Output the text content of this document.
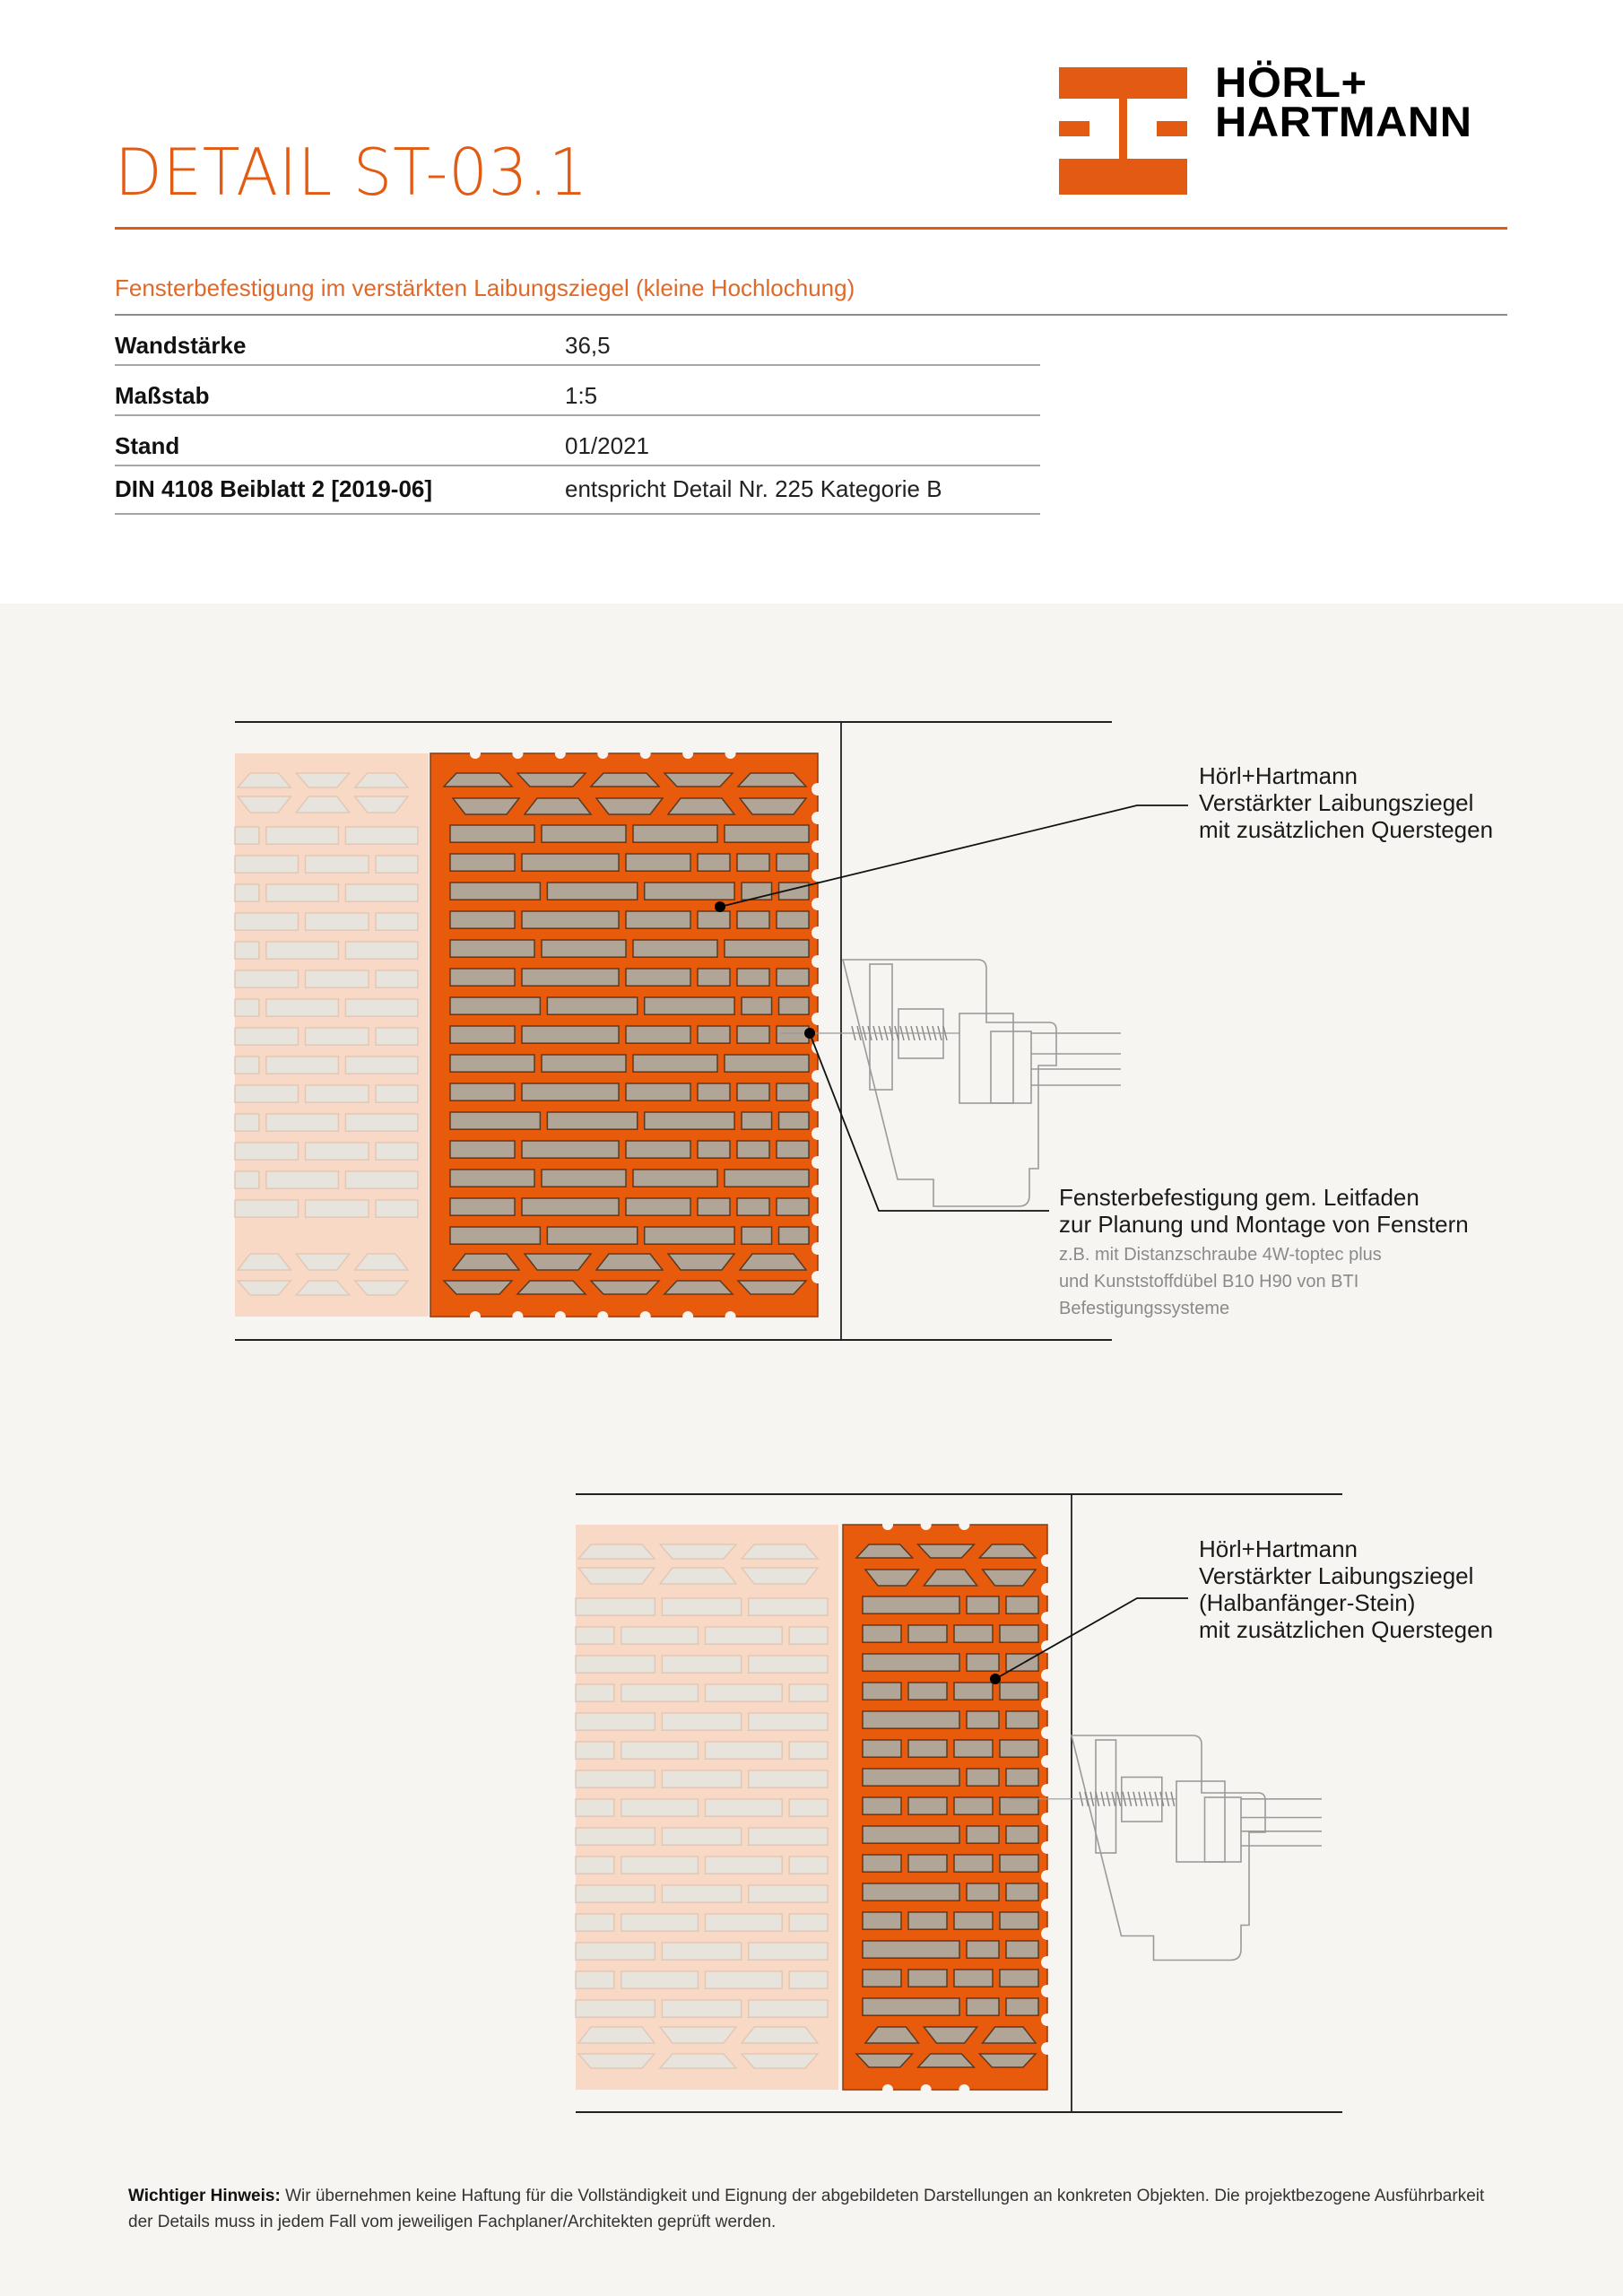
DETAIL ST-03.1
HÖRL+
HARTMANN
Fensterbefestigung im verstärkten Laibungsziegel (kleine Hochlochung)
Wandstärke	36,5
Maßstab	1:5
Stand	01/2021
DIN 4108 Beiblatt 2 [2019-06]	entspricht Detail Nr. 225 Kategorie B
Hörl+Hartmann
Verstärkter Laibungsziegel
mit zusätzlichen Querstegen
Fensterbefestigung gem. Leitfaden
zur Planung und Montage von Fenstern
z.B. mit Distanzschraube 4W-toptec plus
und Kunststoffdübel B10 H90 von BTI
Befestigungssysteme
Hörl+Hartmann
Verstärkter Laibungsziegel
(Halbanfänger-Stein)
mit zusätzlichen Querstegen
Wichtiger Hinweis: Wir übernehmen keine Haftung für die Vollständigkeit und Eignung der abgebildeten Darstellungen an konkreten Objekten. Die projektbezogene Ausführbarkeit der Details muss in jedem Fall vom jeweiligen Fachplaner/Architekten geprüft werden.
